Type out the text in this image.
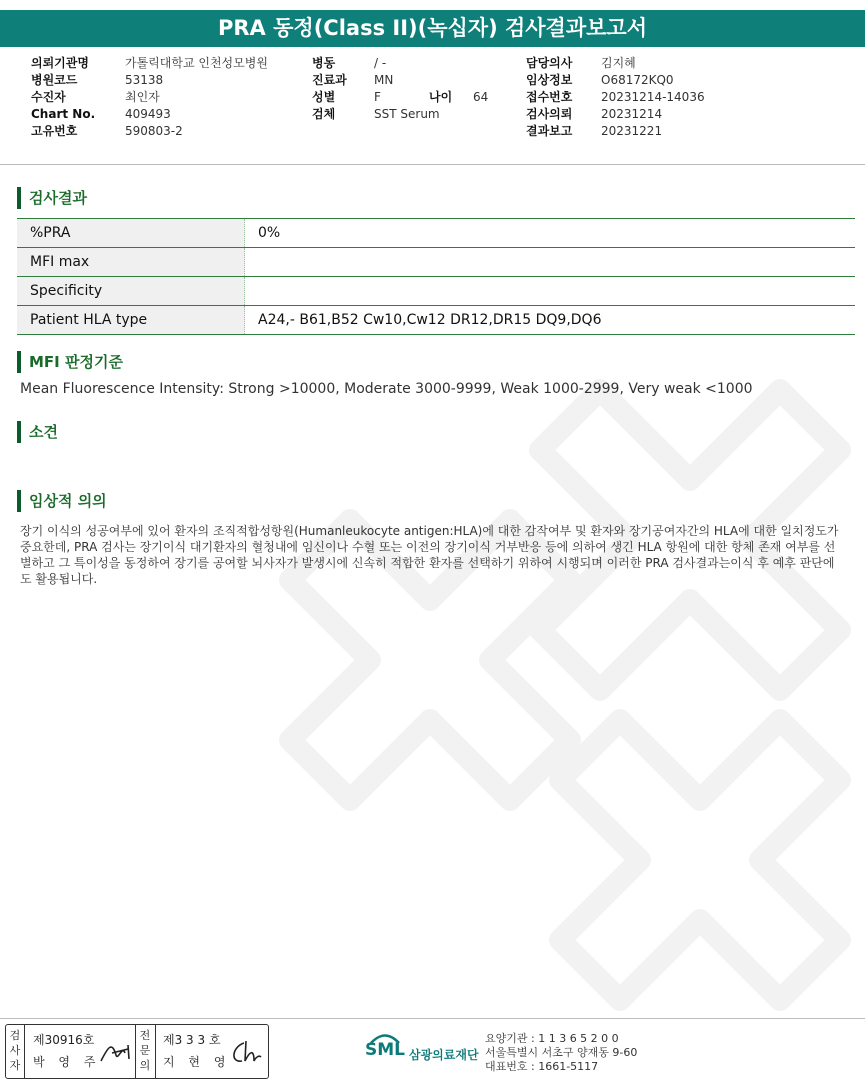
PRA 동정(Class II)(녹십자) 검사결과보고서
의뢰기관명	가톨릭대학교 인천성모병원
병원코드	53138
수진자	최인자
Chart No. 409493
고유번호	590803-2
병동	/ -
진료과 MN
성별	F	나이 64
검체	SST Serum
담당의사 김지혜
임상정보 O68172KQ0
접수번호 20231214-14036
검사의뢰 20231214
결과보고 20231221
검사결과
%PRA	0%
MFI max	
Specificity	
Patient HLA type	A24,- B61,B52 Cw10,Cw12 DR12,DR15 DQ9,DQ6
MFI 판정기준
Mean Fluorescence Intensity: Strong >10000, Moderate 3000-9999, Weak 1000-2999, Very weak <1000
소견
임상적 의의
장기 이식의 성공여부에 있어 환자의 조직적합성항원(Humanleukocyte antigen:HLA)에 대한 감작여부 및 환자와 장기공여자간의 HLA에 대한 일치정도가 중요한데, PRA 검사는 장기이식 대기환자의 혈청내에 임신이나 수혈 또는 이전의 장기이식 거부반응 등에 의하여 생긴 HLA 항원에 대한 항체 존재 여부를 선별하고 그 특이성을 동정하여 장기를 공여할 뇌사자가 발생시에 신속히 적합한 환자를 선택하기 위하여 시행되며 이러한 PRA 검사결과는이식 후 예후 판단에도 활용됩니다.
검사자
제30916호
박 영 주
전문의
제3 3 3 호
지 현 영
SML 삼광의료재단
요양기관 : 1 1 3 6 5 2 0 0
서울특별시 서초구 양재동 9-60
대표번호 : 1661-5117
